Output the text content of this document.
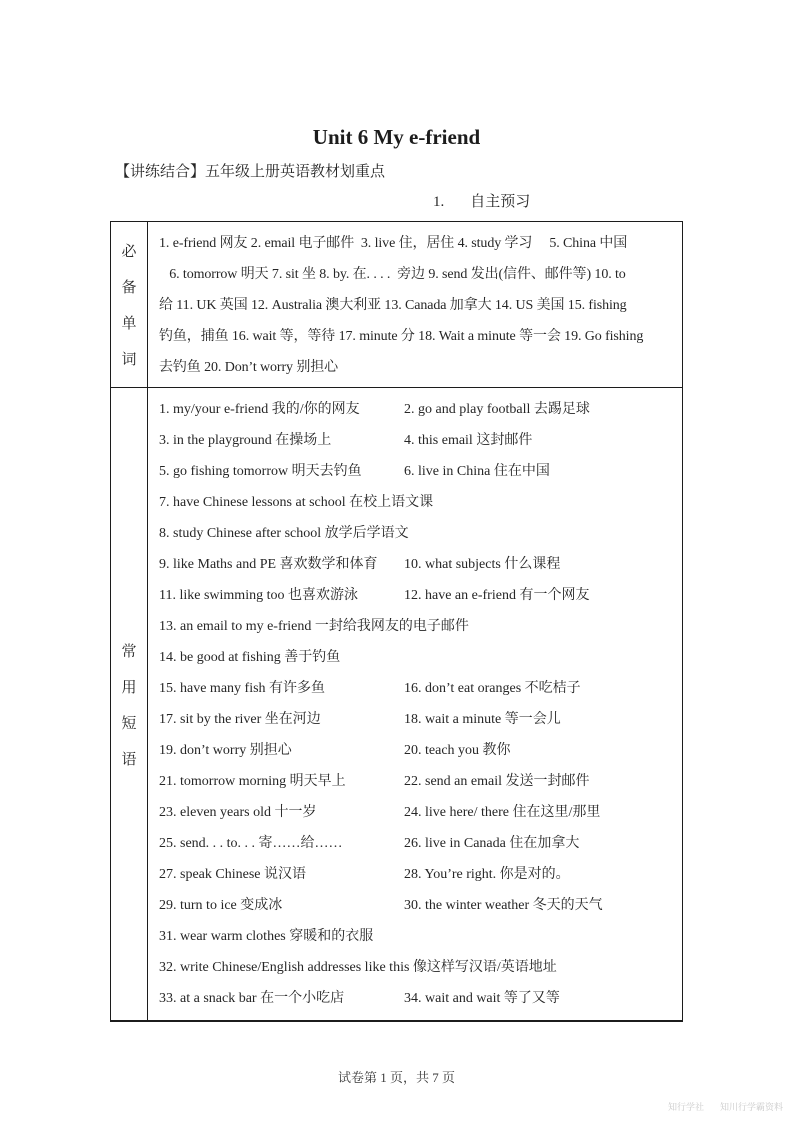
Unit 6 My e-friend
【讲练结合】五年级上册英语教材划重点
1. 自主预习
必
备
单
词
1. e-friend 网友 2. email 电子邮件  3. live 住，居住 4. study 学习     5. China 中国
6. tomorrow 明天 7. sit 坐 8. by. 在. . . .  旁边 9. send 发出(信件、邮件等) 10. to
给 11. UK 英国 12. Australia 澳大利亚 13. Canada 加拿大 14. US 美国 15. fishing
钓鱼，捕鱼 16. wait 等，等待 17. minute 分 18. Wait a minute 等一会 19. Go fishing
去钓鱼 20. Don’t worry 别担心
常
用
短
语
1. my/your e-friend 我的/你的网友	2. go and play football 去踢足球
3. in the playground 在操场上	4. this email 这封邮件
5. go fishing tomorrow 明天去钓鱼	6. live in China 住在中国
7. have Chinese lessons at school 在校上语文课
8. study Chinese after school 放学后学语文
9. like Maths and PE 喜欢数学和体育 10. what subjects 什么课程
11. like swimming too 也喜欢游泳	12. have an e-friend 有一个网友
13. an email to my e-friend 一封给我网友的电子邮件
14. be good at fishing 善于钓鱼
15. have many fish 有许多鱼	16. don’t eat oranges 不吃桔子
17. sit by the river 坐在河边	18. wait a minute 等一会儿
19. don’t worry 别担心	20. teach you 教你
21. tomorrow morning 明天早上	22. send an email 发送一封邮件
23. eleven years old 十一岁	24. live here/ there 住在这里/那里
25. send. . . to. . . 寄……给……	26. live in Canada 住在加拿大
27. speak Chinese 说汉语	28. You’re right. 你是对的。
29. turn to ice 变成冰	30. the winter weather 冬天的天气
31. wear warm clothes 穿暖和的衣服
32. write Chinese/English addresses like this 像这样写汉语/英语地址
33. at a snack bar 在一个小吃店	34. wait and wait 等了又等
试卷第 1 页，共 7 页
知行学社 知川行学霸资料
